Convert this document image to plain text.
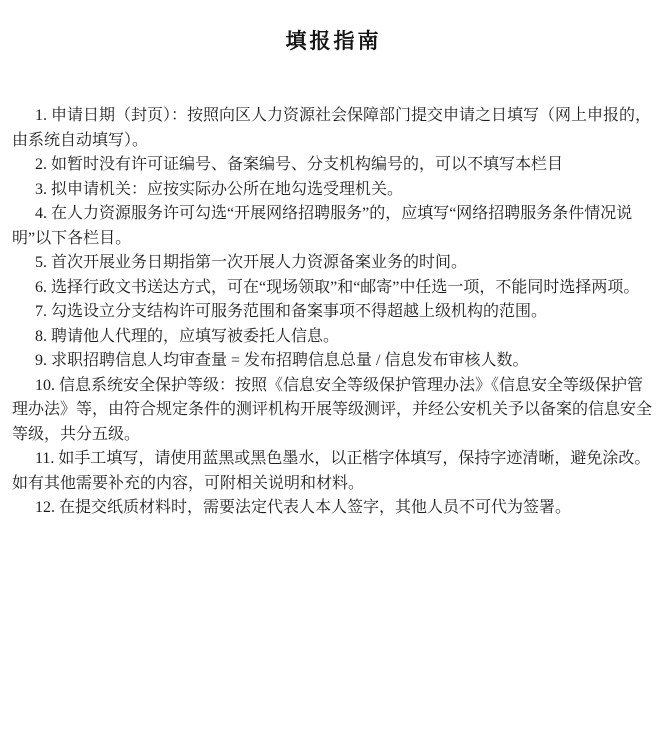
填报指南

1. 申请日期（封页）：按照向区人力资源社会保障部门提交申请之日填写（网上申报的，由系统自动填写）。

2. 如暂时没有许可证编号、备案编号、分支机构编号的，可以不填写本栏目

3. 拟申请机关：应按实际办公所在地勾选受理机关。

4. 在人力资源服务许可勾选“开展网络招聘服务”的，应填写“网络招聘服务条件情况说明”以下各栏目。

5. 首次开展业务日期指第一次开展人力资源备案业务的时间。

6. 选择行政文书送达方式，可在“现场领取”和“邮寄”中任选一项，不能同时选择两项。

7. 勾选设立分支结构许可服务范围和备案事项不得超越上级机构的范围。

8. 聘请他人代理的，应填写被委托人信息。

9. 求职招聘信息人均审查量 = 发布招聘信息总量 / 信息发布审核人数。

10. 信息系统安全保护等级：按照《信息安全等级保护管理办法》《信息安全等级保护管理办法》等，由符合规定条件的测评机构开展等级测评，并经公安机关予以备案的信息安全等级，共分五级。

11. 如手工填写，请使用蓝黑或黑色墨水，以正楷字体填写，保持字迹清晰，避免涂改。如有其他需要补充的内容，可附相关说明和材料。

12. 在提交纸质材料时，需要法定代表人本人签字，其他人员不可代为签署。
